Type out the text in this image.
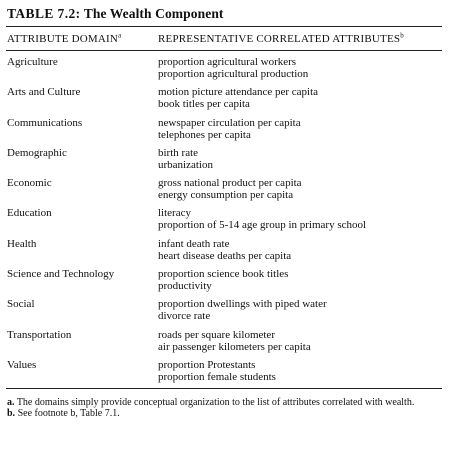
TABLE 7.2: The Wealth Component
ATTRIBUTE DOMAIN$^a$	REPRESENTATIVE CORRELATED ATTRIBUTES$^b$
Agriculture	proportion agricultural workers
proportion agricultural production
Arts and Culture	motion picture attendance per capita
book titles per capita
Communications	newspaper circulation per capita
telephones per capita
Demographic	birth rate
urbanization
Economic	gross national product per capita
energy consumption per capita
Education	literacy
proportion of 5-14 age group in primary school
Health	infant death rate
heart disease deaths per capita
Science and Technology	proportion science book titles
productivity
Social	proportion dwellings with piped water
divorce rate
Transportation	roads per square kilometer
air passenger kilometers per capita
Values	proportion Protestants
proportion female students
a. The domains simply provide conceptual organization to the list of attributes correlated with wealth.
b. See footnote b, Table 7.1.
